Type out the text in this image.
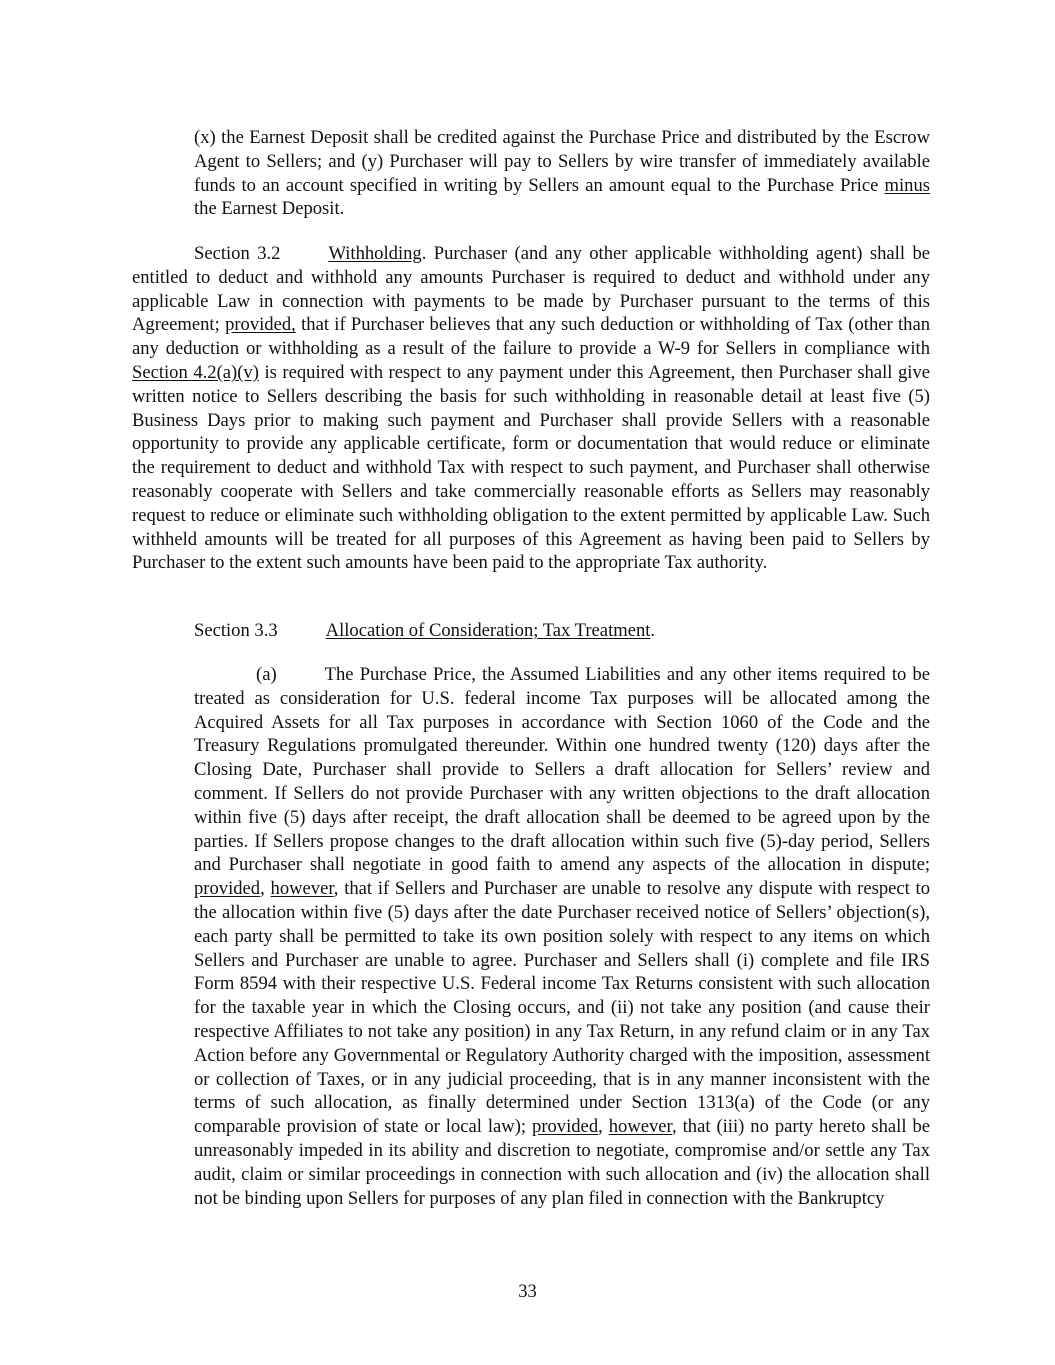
(x) the Earnest Deposit shall be credited against the Purchase Price and distributed by the Escrow Agent to Sellers; and (y) Purchaser will pay to Sellers by wire transfer of immediately available funds to an account specified in writing by Sellers an amount equal to the Purchase Price minus the Earnest Deposit.

Section 3.2	Withholding. Purchaser (and any other applicable withholding agent) shall be entitled to deduct and withhold any amounts Purchaser is required to deduct and withhold under any applicable Law in connection with payments to be made by Purchaser pursuant to the terms of this Agreement; provided, that if Purchaser believes that any such deduction or withholding of Tax (other than any deduction or withholding as a result of the failure to provide a W-9 for Sellers in compliance with Section 4.2(a)(v) is required with respect to any payment under this Agreement, then Purchaser shall give written notice to Sellers describing the basis for such withholding in reasonable detail at least five (5) Business Days prior to making such payment and Purchaser shall provide Sellers with a reasonable opportunity to provide any applicable certificate, form or documentation that would reduce or eliminate the requirement to deduct and withhold Tax with respect to such payment, and Purchaser shall otherwise reasonably cooperate with Sellers and take commercially reasonable efforts as Sellers may reasonably request to reduce or eliminate such withholding obligation to the extent permitted by applicable Law. Such withheld amounts will be treated for all purposes of this Agreement as having been paid to Sellers by Purchaser to the extent such amounts have been paid to the appropriate Tax authority.

Section 3.3	Allocation of Consideration; Tax Treatment.

(a)	The Purchase Price, the Assumed Liabilities and any other items required to be treated as consideration for U.S. federal income Tax purposes will be allocated among the Acquired Assets for all Tax purposes in accordance with Section 1060 of the Code and the Treasury Regulations promulgated thereunder. Within one hundred twenty (120) days after the Closing Date, Purchaser shall provide to Sellers a draft allocation for Sellers’ review and comment. If Sellers do not provide Purchaser with any written objections to the draft allocation within five (5) days after receipt, the draft allocation shall be deemed to be agreed upon by the parties. If Sellers propose changes to the draft allocation within such five (5)-day period, Sellers and Purchaser shall negotiate in good faith to amend any aspects of the allocation in dispute; provided, however, that if Sellers and Purchaser are unable to resolve any dispute with respect to the allocation within five (5) days after the date Purchaser received notice of Sellers’ objection(s), each party shall be permitted to take its own position solely with respect to any items on which Sellers and Purchaser are unable to agree. Purchaser and Sellers shall (i) complete and file IRS Form 8594 with their respective U.S. Federal income Tax Returns consistent with such allocation for the taxable year in which the Closing occurs, and (ii) not take any position (and cause their respective Affiliates to not take any position) in any Tax Return, in any refund claim or in any Tax Action before any Governmental or Regulatory Authority charged with the imposition, assessment or collection of Taxes, or in any judicial proceeding, that is in any manner inconsistent with the terms of such allocation, as finally determined under Section 1313(a) of the Code (or any comparable provision of state or local law); provided, however, that (iii) no party hereto shall be unreasonably impeded in its ability and discretion to negotiate, compromise and/or settle any Tax audit, claim or similar proceedings in connection with such allocation and (iv) the allocation shall not be binding upon Sellers for purposes of any plan filed in connection with the Bankruptcy

33
